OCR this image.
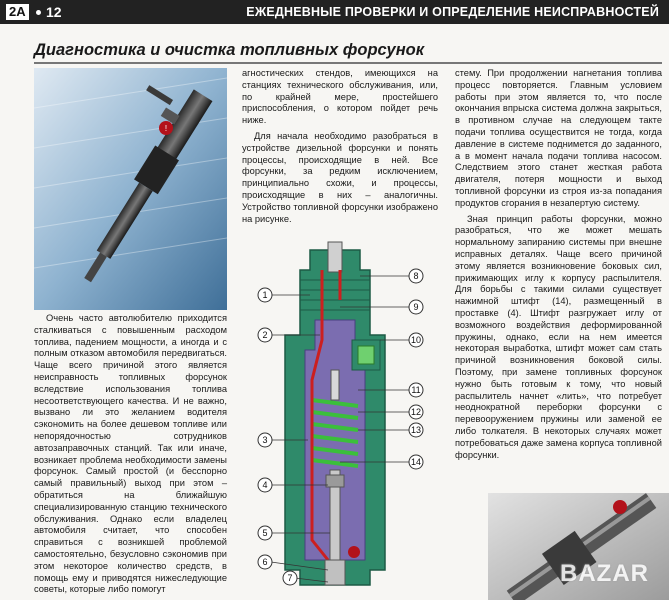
2А 12	ЕЖЕДНЕВНЫЕ ПРОВЕРКИ И ОПРЕДЕЛЕНИЕ НЕИСПРАВНОСТЕЙ
Диагностика и очистка топливных форсунок
!

Очень часто автолюбителю приходится сталкиваться с повышенным расходом топлива, падением мощности, а иногда и с полным отказом автомобиля передвигаться. Чаще всего причиной этого является неисправность топливных форсунок вследствие использования топлива несоответствующего качества. И не важно, вызвано ли это желанием водителя сэкономить на более дешевом топливе или непорядочностью сотрудников автозаправочных станций. Так или иначе, возникает проблема необходимости замены форсунок. Самый простой (и бесспорно самый правильный) выход при этом – обратиться на ближайшую специализированную станцию технического обслуживания. Однако если владелец автомобиля считает, что способен справиться с возникшей проблемой самостоятельно, безусловно сэкономив при этом некоторое количество средств, в помощь ему и приводятся нижеследующие советы, которые либо помогут

агностических стендов, имеющихся на станциях технического обслуживания, или, по крайней мере, простейшего приспособления, о котором пойдет речь ниже.

Для начала необходимо разобраться в устройстве дизельной форсунки и понять процессы, происходящие в ней. Все форсунки, за редким исключением, принципиально схожи, и процессы, происходящие в них – аналогичны. Устройство топливной форсунки изображено на рисунке.

стему. При продолжении нагнетания топлива процесс повторяется. Главным условием работы при этом является то, что после окончания впрыска система должна закрыться, в противном случае на следующем такте подачи топлива осуществится не тогда, когда давление в системе поднимется до заданного, а в момент начала подачи топлива насосом. Следствием этого станет жесткая работа двигателя, потеря мощности и выход топливной форсунки из строя из-за попадания продуктов сгорания в незапертую систему.

Зная принцип работы форсунки, можно разобраться, что же может мешать нормальному запиранию системы при внешне исправных деталях. Чаще всего причиной этому является возникновение боковых сил, прижимающих иглу к корпусу распылителя. Для борьбы с такими силами существует нажимной штифт (14), размещенный в проставке (4). Штифт разгружает иглу от возможного воздействия деформированной пружины, однако, если на нем имеется некоторая выработка, штифт может сам стать причиной возникновения боковой силы. Поэтому, при замене топливных форсунок нужно быть готовым к тому, что новый распылитель начнет «лить», что потребует неоднократной переборки форсунки с перевооружением пружины или заменой ее либо толкателя. В некоторых случаях может потребоваться даже замена корпуса топливной форсунки.

1
2
3
4
5
6
7
8
9
10
11
12
13
14
BAZAR
